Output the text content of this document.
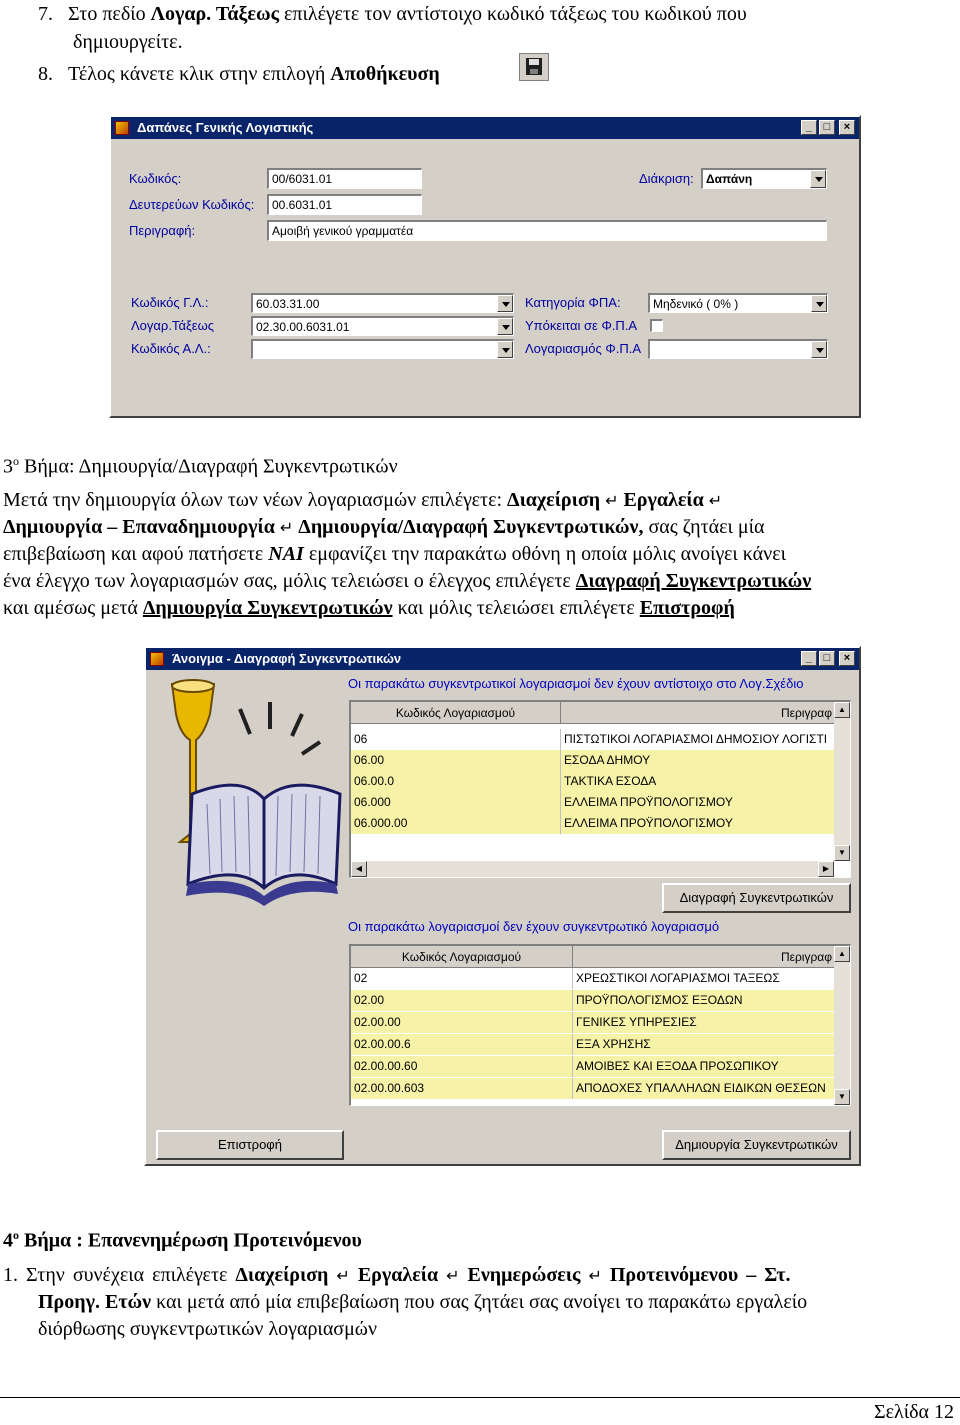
7. Στο πεδίο Λογαρ. Τάξεως επιλέγετε τον αντίστοιχο κωδικό τάξεως του κωδικού που
δημιουργείτε.
8. Τέλος κάνετε κλικ στην επιλογή Αποθήκευση
Δαπάνες Γενικής Λογιστικής	_	□	×
Κωδικός:	00/6031.01
Δευτερεύων Κωδικός:	00.6031.01
Περιγραφή:	Αμοιβή γενικού γραμματέα
Διάκριση:	Δαπάνη
Κωδικός Γ.Λ.:	60.03.31.00
Λογαρ.Τάξεως	02.30.00.6031.01
Κωδικός Α.Λ.:
Κατηγορία ΦΠΑ:	Μηδενικό ( 0% )
Υπόκειται σε Φ.Π.Α
Λογαριασμός Φ.Π.Α
$3^o$ Βήμα: Δημιουργία/Διαγραφή Συγκεντρωτικών
Μετά την δημιουργία όλων των νέων λογαριασμών επιλέγετε: Διαχείριση ↵ Εργαλεία ↵
Δημιουργία – Επαναδημιουργία ↵ Δημιουργία/Διαγραφή Συγκεντρωτικών, σας ζητάει μία
επιβεβαίωση και αφού πατήσετε ΝΑΙ εμφανίζει την παρακάτω οθόνη η οποία μόλις ανοίγει κάνει
ένα έλεγχο των λογαριασμών σας, μόλις τελειώσει ο έλεγχος επιλέγετε Διαγραφή Συγκεντρωτικών
και αμέσως μετά Δημιουργία Συγκεντρωτικών και μόλις τελειώσει επιλέγετε Επιστροφή
Άνοιγμα - Διαγραφή Συγκεντρωτικών	_	□	×
Οι παρακάτω συγκεντρωτικοί λογαριασμοί δεν έχουν αντίστοιχο στο Λογ.Σχέδιο
Κωδικός Λογαριασμού	Περιγραφ
06	ΠΙΣΤΩΤΙΚΟΙ ΛΟΓΑΡΙΑΣΜΟΙ ΔΗΜΟΣΙΟΥ ΛΟΓΙΣΤΙ
06.00	ΕΣΟΔΑ ΔΗΜΟΥ
06.00.0	ΤΑΚΤΙΚΑ ΕΣΟΔΑ
06.000	ΕΛΛΕΙΜΑ ΠΡΟΫΠΟΛΟΓΙΣΜΟΥ
06.000.00	ΕΛΛΕΙΜΑ ΠΡΟΫΠΟΛΟΓΙΣΜΟΥ
▲
▼
◀	▶
Διαγραφή Συγκεντρωτικών
Οι παρακάτω λογαριασμοί δεν έχουν συγκεντρωτικό λογαριασμό
Κωδικός Λογαριασμού	Περιγραφ
02	ΧΡΕΩΣΤΙΚΟΙ ΛΟΓΑΡΙΑΣΜΟΙ ΤΑΞΕΩΣ
02.00	ΠΡΟΫΠΟΛΟΓΙΣΜΟΣ ΕΞΟΔΩΝ
02.00.00	ΓΕΝΙΚΕΣ ΥΠΗΡΕΣΙΕΣ
02.00.00.6	ΕΞΑ ΧΡΗΣΗΣ
02.00.00.60	ΑΜΟΙΒΕΣ ΚΑΙ ΕΞΟΔΑ ΠΡΟΣΩΠΙΚΟΥ
02.00.00.603	ΑΠΟΔΟΧΕΣ ΥΠΑΛΛΗΛΩΝ ΕΙΔΙΚΩΝ ΘΕΣΕΩΝ
▲
▼
Επιστροφή	Δημιουργία Συγκεντρωτικών
$4^o$ Βήμα : Επανενημέρωση Προτεινόμενου
1. Στην συνέχεια επιλέγετε Διαχείριση ↵ Εργαλεία ↵ Ενημερώσεις ↵ Προτεινόμενου – Στ.
Προηγ. Ετών και μετά από μία επιβεβαίωση που σας ζητάει σας ανοίγει το παρακάτω εργαλείο
διόρθωσης συγκεντρωτικών λογαριασμών
Σελίδα 12
